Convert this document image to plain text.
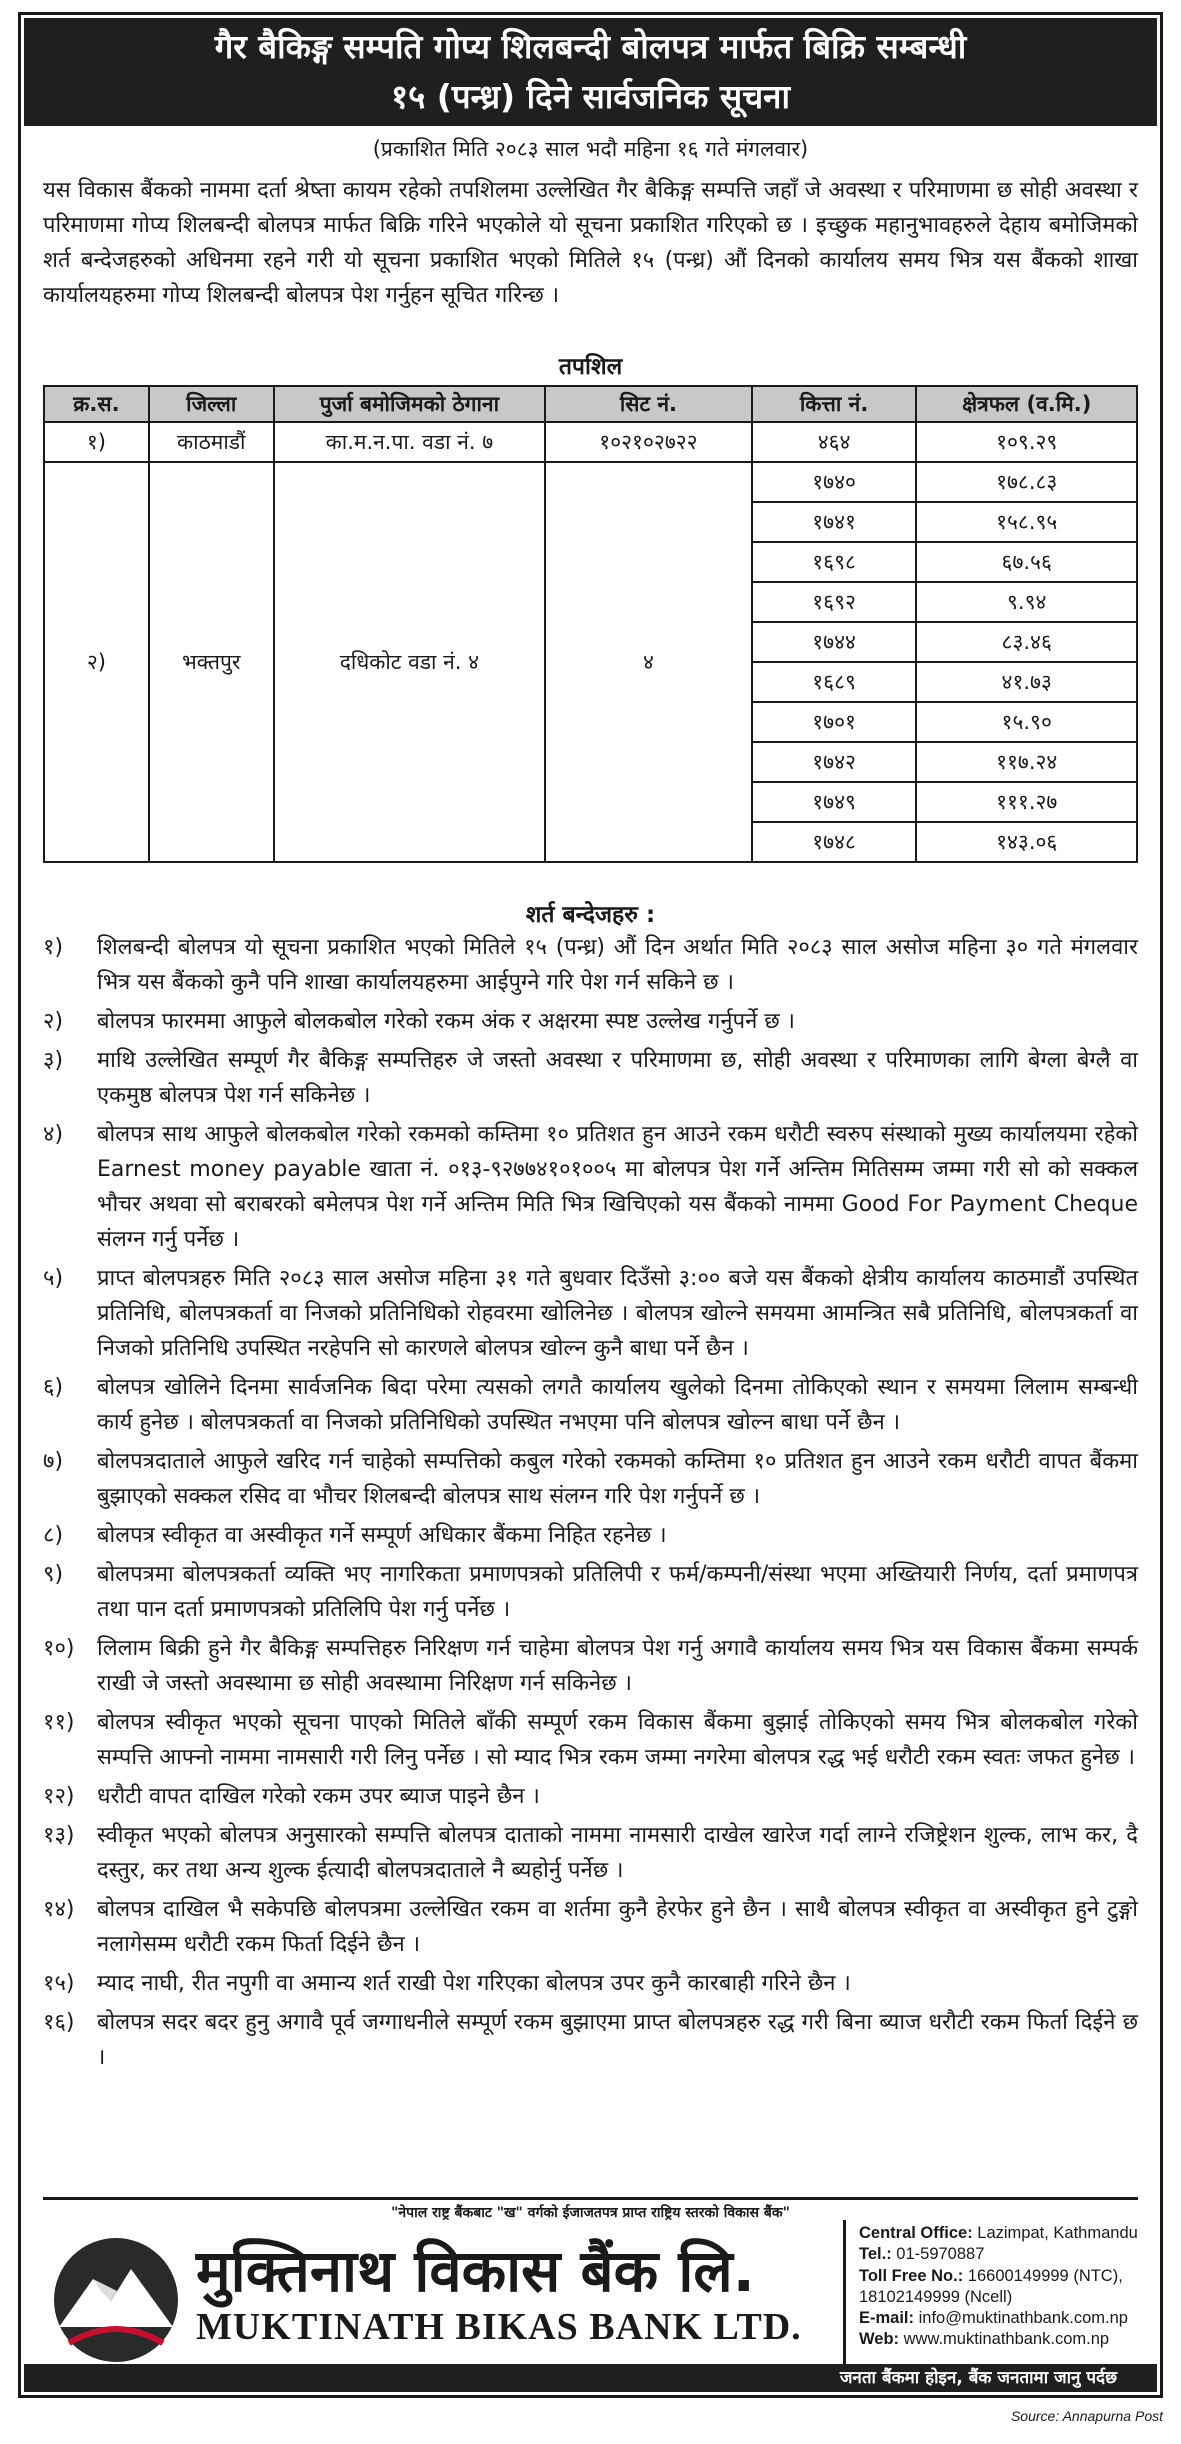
गैर बैकिङ्ग सम्पति गोप्य शिलबन्दी बोलपत्र मार्फत बिक्रि सम्बन्धी
१५ (पन्ध्र) दिने सार्वजनिक सूचना
(प्रकाशित मिति २०८३ साल भदौ महिना १६ गते मंगलवार)
यस विकास बैंकको नाममा दर्ता श्रेष्ता कायम रहेको तपशिलमा उल्लेखित गैर बैकिङ्ग सम्पत्ति जहाँ जे अवस्था र परिमाणमा छ सोही अवस्था र परिमाणमा गोप्य शिलबन्दी बोलपत्र मार्फत बिक्रि गरिने भएकोले यो सूचना प्रकाशित गरिएको छ । इच्छुक महानुभावहरुले देहाय बमोजिमको शर्त बन्देजहरुको अधिनमा रहने गरी यो सूचना प्रकाशित भएको मितिले १५ (पन्ध्र) औं दिनको कार्यालय समय भित्र यस बैंकको शाखा कार्यालयहरुमा गोप्य शिलबन्दी बोलपत्र पेश गर्नुहन सूचित गरिन्छ ।
तपशिल
क्र.स.	जिल्ला	पुर्जा बमोजिमको ठेगाना	सिट नं.	कित्ता नं.	क्षेत्रफल (व.मि.)
१)	काठमाडौं	का.म.न.पा. वडा नं. ७	१०२१०२७२२	४६४	१०९.२९
२)	भक्तपुर	दधिकोट वडा नं. ४	४	१७४०	१७८.८३
				१७४१	१५८.९५
				१६९८	६७.५६
				१६९२	९.९४
				१७४४	८३.४६
				१६८९	४१.७३
				१७०१	१५.९०
				१७४२	११७.२४
				१७४९	१११.२७
				१७४८	१४३.०६
शर्त बन्देजहरु :
१)	शिलबन्दी बोलपत्र यो सूचना प्रकाशित भएको मितिले १५ (पन्ध्र) औं दिन अर्थात मिति २०८३ साल असोज महिना ३० गते मंगलवार भित्र यस बैंकको कुनै पनि शाखा कार्यालयहरुमा आईपुग्ने गरि पेश गर्न सकिने छ ।
२)	बोलपत्र फारममा आफुले बोलकबोल गरेको रकम अंक र अक्षरमा स्पष्ट उल्लेख गर्नुपर्ने छ ।
३)	माथि उल्लेखित सम्पूर्ण गैर बैकिङ्ग सम्पत्तिहरु जे जस्तो अवस्था र परिमाणमा छ, सोही अवस्था र परिमाणका लागि बेग्ला बेग्लै वा एकमुष्ठ बोलपत्र पेश गर्न सकिनेछ ।
४)	बोलपत्र साथ आफुले बोलकबोल गरेको रकमको कम्तिमा १० प्रतिशत हुन आउने रकम धरौटी स्वरुप संस्थाको मुख्य कार्यालयमा रहेको Earnest money payable खाता नं. ०१३-९२७७४१०१००५ मा बोलपत्र पेश गर्ने अन्तिम मितिसम्म जम्मा गरी सो को सक्कल भौचर अथवा सो बराबरको बमेलपत्र पेश गर्ने अन्तिम मिति भित्र खिचिएको यस बैंकको नाममा Good For Payment Cheque संलग्न गर्नु पर्नेछ ।
५)	प्राप्त बोलपत्रहरु मिति २०८३ साल असोज महिना ३१ गते बुधवार दिउँसो ३:०० बजे यस बैंकको क्षेत्रीय कार्यालय काठमाडौं उपस्थित प्रतिनिधि, बोलपत्रकर्ता वा निजको प्रतिनिधिको रोहवरमा खोलिनेछ । बोलपत्र खोल्ने समयमा आमन्त्रित सबै प्रतिनिधि, बोलपत्रकर्ता वा निजको प्रतिनिधि उपस्थित नरहेपनि सो कारणले बोलपत्र खोल्न कुनै बाधा पर्ने छैन ।
६)	बोलपत्र खोलिने दिनमा सार्वजनिक बिदा परेमा त्यसको लगतै कार्यालय खुलेको दिनमा तोकिएको स्थान र समयमा लिलाम सम्बन्धी कार्य हुनेछ । बोलपत्रकर्ता वा निजको प्रतिनिधिको उपस्थित नभएमा पनि बोलपत्र खोल्न बाधा पर्ने छैन ।
७)	बोलपत्रदाताले आफुले खरिद गर्न चाहेको सम्पत्तिको कबुल गरेको रकमको कम्तिमा १० प्रतिशत हुन आउने रकम धरौटी वापत बैंकमा बुझाएको सक्कल रसिद वा भौचर शिलबन्दी बोलपत्र साथ संलग्न गरि पेश गर्नुपर्ने छ ।
८)	बोलपत्र स्वीकृत वा अस्वीकृत गर्ने सम्पूर्ण अधिकार बैंकमा निहित रहनेछ ।
९)	बोलपत्रमा बोलपत्रकर्ता व्यक्ति भए नागरिकता प्रमाणपत्रको प्रतिलिपी र फर्म/कम्पनी/संस्था भएमा अख्तियारी निर्णय, दर्ता प्रमाणपत्र तथा पान दर्ता प्रमाणपत्रको प्रतिलिपि पेश गर्नु पर्नेछ ।
१०)	लिलाम बिक्री हुने गैर बैकिङ्ग सम्पत्तिहरु निरिक्षण गर्न चाहेमा बोलपत्र पेश गर्नु अगावै कार्यालय समय भित्र यस विकास बैंकमा सम्पर्क राखी जे जस्तो अवस्थामा छ सोही अवस्थामा निरिक्षण गर्न सकिनेछ ।
११)	बोलपत्र स्वीकृत भएको सूचना पाएको मितिले बाँकी सम्पूर्ण रकम विकास बैंकमा बुझाई तोकिएको समय भित्र बोलकबोल गरेको सम्पत्ति आफ्नो नाममा नामसारी गरी लिनु पर्नेछ । सो म्याद भित्र रकम जम्मा नगरेमा बोलपत्र रद्ध भई धरौटी रकम स्वतः जफत हुनेछ ।
१२)	धरौटी वापत दाखिल गरेको रकम उपर ब्याज पाइने छैन ।
१३)	स्वीकृत भएको बोलपत्र अनुसारको सम्पत्ति बोलपत्र दाताको नाममा नामसारी दाखेल खारेज गर्दा लाग्ने रजिष्ट्रेशन शुल्क, लाभ कर, दै दस्तुर, कर तथा अन्य शुल्क ईत्यादी बोलपत्रदाताले नै ब्यहोर्नु पर्नेछ ।
१४)	बोलपत्र दाखिल भै सकेपछि बोलपत्रमा उल्लेखित रकम वा शर्तमा कुनै हेरफेर हुने छैन । साथै बोलपत्र स्वीकृत वा अस्वीकृत हुने टुङ्गो नलागेसम्म धरौटी रकम फिर्ता दिईने छैन ।
१५)	म्याद नाघी, रीत नपुगी वा अमान्य शर्त राखी पेश गरिएका बोलपत्र उपर कुनै कारबाही गरिने छैन ।
१६)	बोलपत्र सदर बदर हुनु अगावै पूर्व जग्गाधनीले सम्पूर्ण रकम बुझाएमा प्राप्त बोलपत्रहरु रद्ध गरी बिना ब्याज धरौटी रकम फिर्ता दिईने छ ।
"नेपाल राष्ट्र बैंकबाट "ख" वर्गको ईजाजतपत्र प्राप्त राष्ट्रिय स्तरको विकास बैंक"
मुक्तिनाथ विकास बैंक लि.
MUKTINATH BIKAS BANK LTD.
Central Office: Lazimpat, Kathmandu
Tel.: 01-5970887
Toll Free No.: 16600149999 (NTC),
18102149999 (Ncell)
E-mail: info@muktinathbank.com.np
Web: www.muktinathbank.com.np
जनता बैंकमा होइन, बैंक जनतामा जानु पर्दछ
Source: Annapurna Post
